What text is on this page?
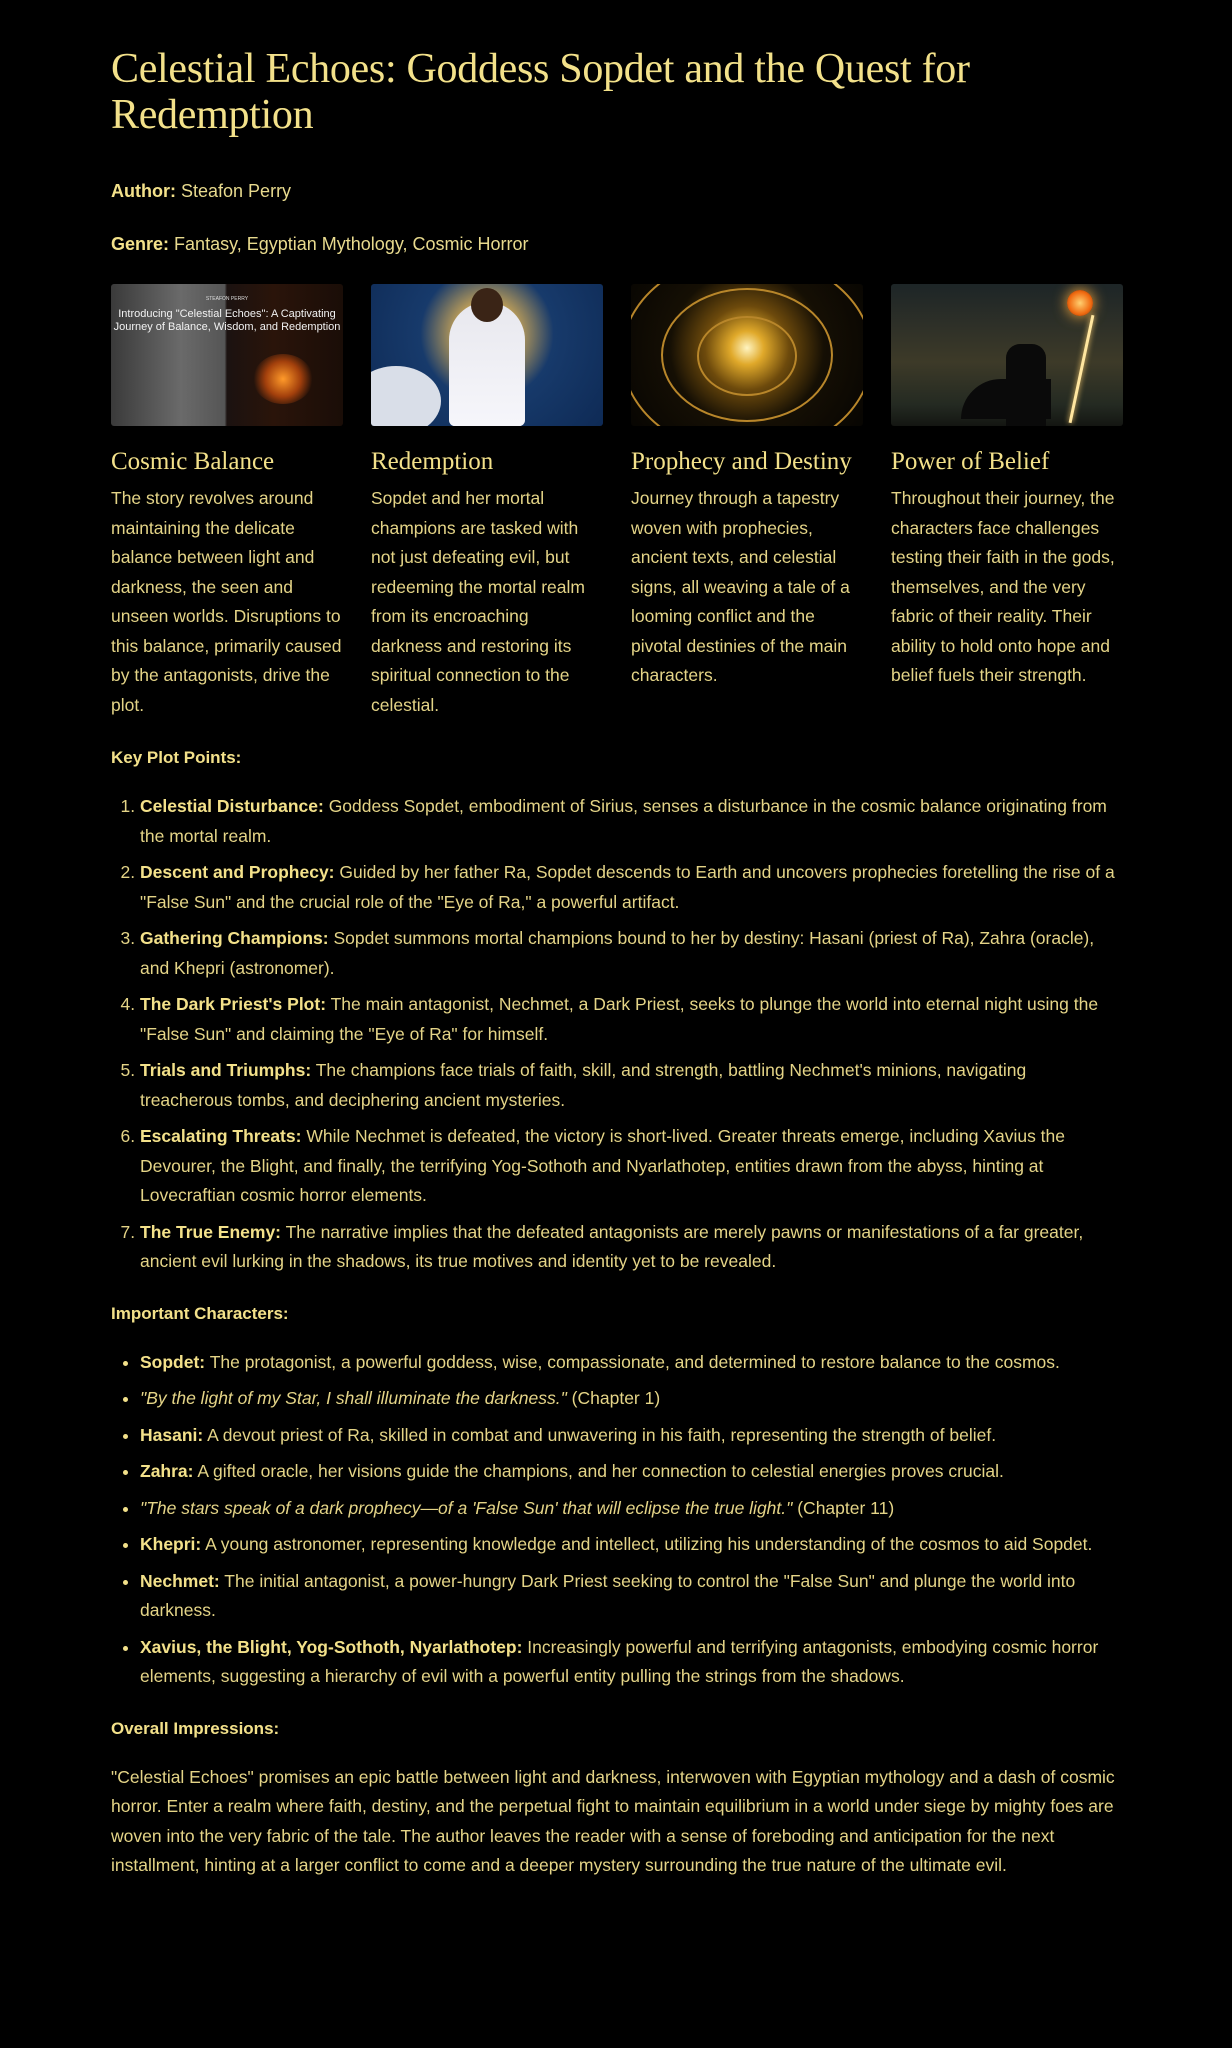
Celestial Echoes: Goddess Sopdet and the Quest for Redemption

Author: Steafon Perry

Genre: Fantasy, Egyptian Mythology, Cosmic Horror

STEAFON PERRY
Introducing "Celestial Echoes": A Captivating Journey of Balance, Wisdom, and Redemption
Cosmic Balance

The story revolves around maintaining the delicate balance between light and darkness, the seen and unseen worlds. Disruptions to this balance, primarily caused by the antagonists, drive the plot.

Redemption

Sopdet and her mortal champions are tasked with not just defeating evil, but redeeming the mortal realm from its encroaching darkness and restoring its spiritual connection to the celestial.

Prophecy and Destiny

Journey through a tapestry woven with prophecies, ancient texts, and celestial signs, all weaving a tale of a looming conflict and the pivotal destinies of the main characters.

Power of Belief

Throughout their journey, the characters face challenges testing their faith in the gods, themselves, and the very fabric of their reality. Their ability to hold onto hope and belief fuels their strength.

Key Plot Points:
1. Celestial Disturbance: Goddess Sopdet, embodiment of Sirius, senses a disturbance in the cosmic balance originating from the mortal realm.
2. Descent and Prophecy: Guided by her father Ra, Sopdet descends to Earth and uncovers prophecies foretelling the rise of a "False Sun" and the crucial role of the "Eye of Ra," a powerful artifact.
3. Gathering Champions: Sopdet summons mortal champions bound to her by destiny: Hasani (priest of Ra), Zahra (oracle), and Khepri (astronomer).
4. The Dark Priest's Plot: The main antagonist, Nechmet, a Dark Priest, seeks to plunge the world into eternal night using the "False Sun" and claiming the "Eye of Ra" for himself.
5. Trials and Triumphs: The champions face trials of faith, skill, and strength, battling Nechmet's minions, navigating treacherous tombs, and deciphering ancient mysteries.
6. Escalating Threats: While Nechmet is defeated, the victory is short-lived. Greater threats emerge, including Xavius the Devourer, the Blight, and finally, the terrifying Yog-Sothoth and Nyarlathotep, entities drawn from the abyss, hinting at Lovecraftian cosmic horror elements.
7. The True Enemy: The narrative implies that the defeated antagonists are merely pawns or manifestations of a far greater, ancient evil lurking in the shadows, its true motives and identity yet to be revealed.
Important Characters:
• Sopdet: The protagonist, a powerful goddess, wise, compassionate, and determined to restore balance to the cosmos.
• "By the light of my Star, I shall illuminate the darkness." (Chapter 1)
• Hasani: A devout priest of Ra, skilled in combat and unwavering in his faith, representing the strength of belief.
• Zahra: A gifted oracle, her visions guide the champions, and her connection to celestial energies proves crucial.
• "The stars speak of a dark prophecy—of a 'False Sun' that will eclipse the true light." (Chapter 11)
• Khepri: A young astronomer, representing knowledge and intellect, utilizing his understanding of the cosmos to aid Sopdet.
• Nechmet: The initial antagonist, a power-hungry Dark Priest seeking to control the "False Sun" and plunge the world into darkness.
• Xavius, the Blight, Yog-Sothoth, Nyarlathotep: Increasingly powerful and terrifying antagonists, embodying cosmic horror elements, suggesting a hierarchy of evil with a powerful entity pulling the strings from the shadows.
Overall Impressions:

"Celestial Echoes" promises an epic battle between light and darkness, interwoven with Egyptian mythology and a dash of cosmic horror. Enter a realm where faith, destiny, and the perpetual fight to maintain equilibrium in a world under siege by mighty foes are woven into the very fabric of the tale. The author leaves the reader with a sense of foreboding and anticipation for the next installment, hinting at a larger conflict to come and a deeper mystery surrounding the true nature of the ultimate evil.
